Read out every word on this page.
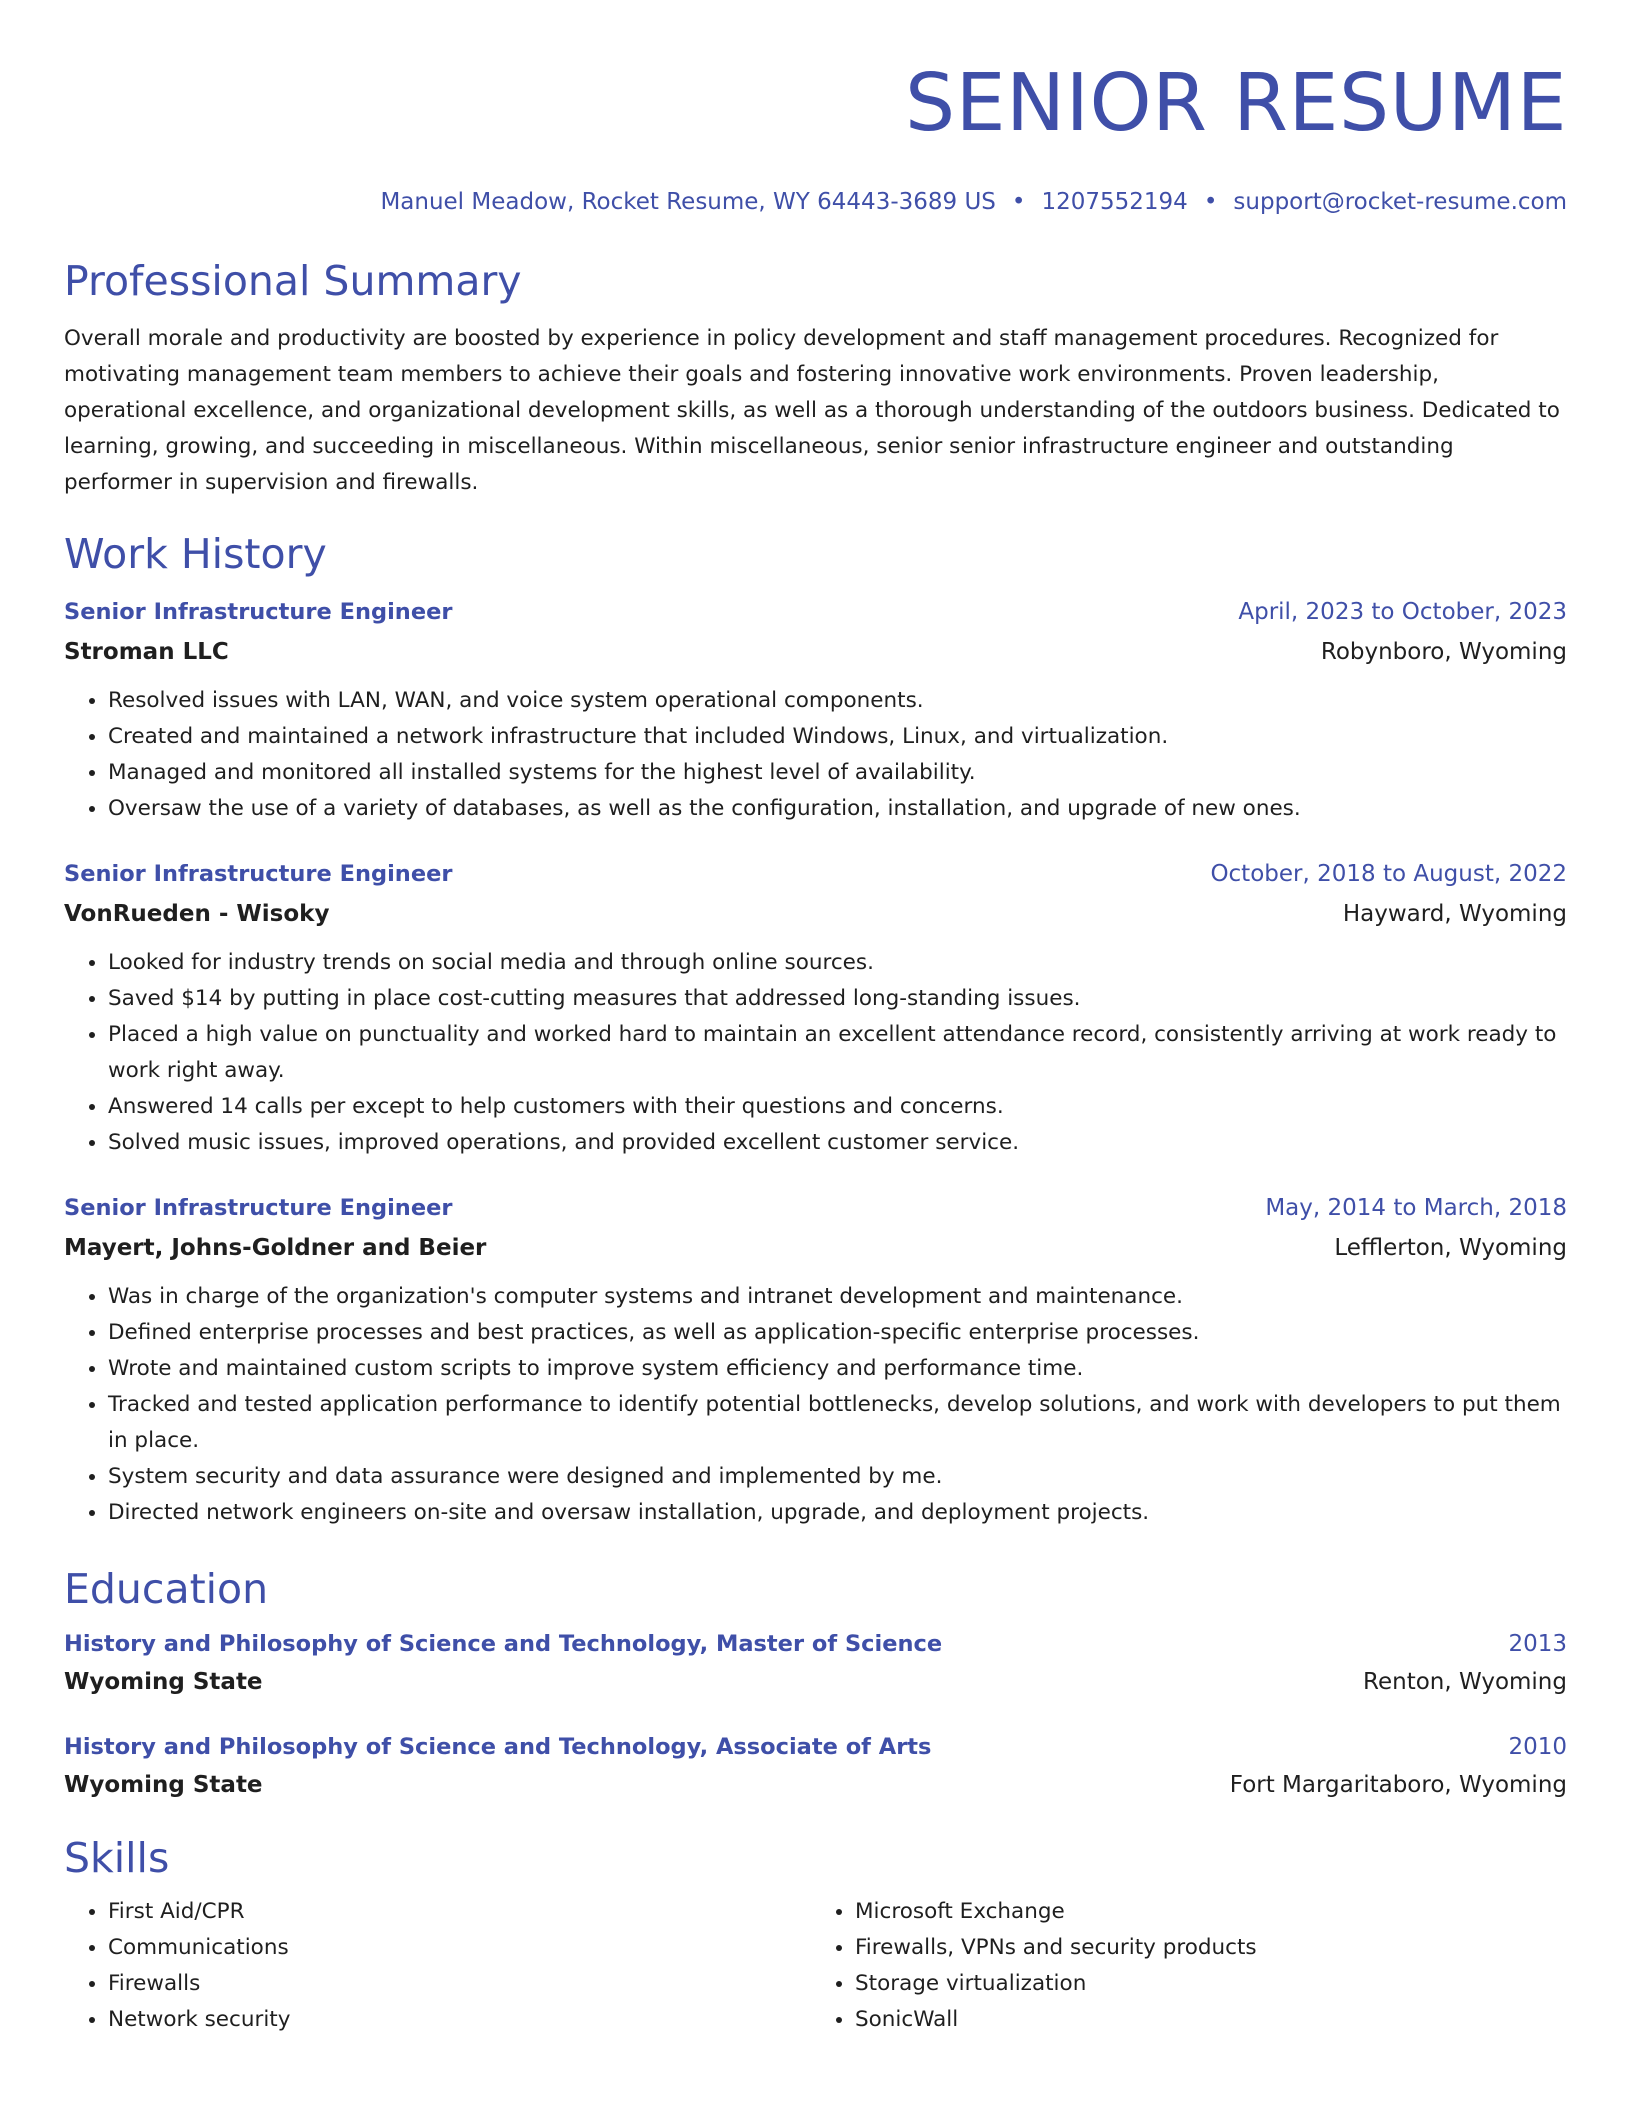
SENIOR RESUME
Manuel Meadow, Rocket Resume, WY 64443-3689 US • 1207552194 • support@rocket-resume.com
Professional Summary
Overall morale and productivity are boosted by experience in policy development and staff management procedures. Recognized for motivating management team members to achieve their goals and fostering innovative work environments. Proven leadership, operational excellence, and organizational development skills, as well as a thorough understanding of the outdoors business. Dedicated to learning, growing, and succeeding in miscellaneous. Within miscellaneous, senior senior infrastructure engineer and outstanding performer in supervision and firewalls.
Work History
Senior Infrastructure Engineer	April, 2023 to October, 2023
Stroman LLC	Robynboro, Wyoming
• Resolved issues with LAN, WAN, and voice system operational components.
• Created and maintained a network infrastructure that included Windows, Linux, and virtualization.
• Managed and monitored all installed systems for the highest level of availability.
• Oversaw the use of a variety of databases, as well as the configuration, installation, and upgrade of new ones.
Senior Infrastructure Engineer	October, 2018 to August, 2022
VonRueden - Wisoky	Hayward, Wyoming
• Looked for industry trends on social media and through online sources.
• Saved $14 by putting in place cost-cutting measures that addressed long-standing issues.
• Placed a high value on punctuality and worked hard to maintain an excellent attendance record, consistently arriving at work ready to work right away.
• Answered 14 calls per except to help customers with their questions and concerns.
• Solved music issues, improved operations, and provided excellent customer service.
Senior Infrastructure Engineer	May, 2014 to March, 2018
Mayert, Johns-Goldner and Beier	Lefflerton, Wyoming
• Was in charge of the organization's computer systems and intranet development and maintenance.
• Defined enterprise processes and best practices, as well as application-specific enterprise processes.
• Wrote and maintained custom scripts to improve system efficiency and performance time.
• Tracked and tested application performance to identify potential bottlenecks, develop solutions, and work with developers to put them in place.
• System security and data assurance were designed and implemented by me.
• Directed network engineers on-site and oversaw installation, upgrade, and deployment projects.
Education
History and Philosophy of Science and Technology, Master of Science	2013
Wyoming State	Renton, Wyoming
History and Philosophy of Science and Technology, Associate of Arts	2010
Wyoming State	Fort Margaritaboro, Wyoming
Skills
• First Aid/CPR
• Communications
• Firewalls
• Network security
• Microsoft Exchange
• Firewalls, VPNs and security products
• Storage virtualization
• SonicWall
